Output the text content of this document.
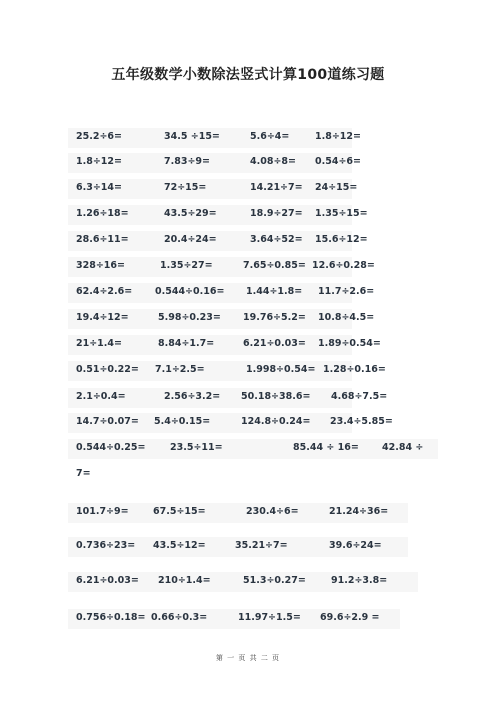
五年级数学小数除法竖式计算100道练习题
25.2÷6=	34.5 ÷15=	5.6÷4=	1.8÷12=
1.8÷12=	7.83÷9=	4.08÷8= 0.54÷6=
6.3÷14=	72÷15=	14.21÷7= 24÷15=
1.26÷18=	43.5÷29=	18.9÷27= 1.35÷15=
28.6÷11=	20.4÷24=	3.64÷52= 15.6÷12=
328÷16=	1.35÷27=	7.65÷0.85= 12.6÷0.28=
62.4÷2.6= 0.544÷0.16= 1.44÷1.8= 11.7÷2.6=
19.4÷12=	5.98÷0.23= 19.76÷5.2= 10.8÷4.5=
21÷1.4=	8.84÷1.7=	6.21÷0.03= 1.89÷0.54=
0.51÷0.22= 7.1÷2.5=	1.998÷0.54= 1.28÷0.16=
2.1÷0.4=	2.56÷3.2= 50.18÷38.6= 4.68÷7.5=
14.7÷0.07= 5.4÷0.15=	124.8÷0.24= 23.4÷5.85=
0.544÷0.25=	23.5÷11=	85.44 ÷ 16= 42.84 ÷
7=
101.7÷9=	67.5÷15=	230.4÷6=	21.24÷36=
0.736÷23= 43.5÷12=	35.21÷7=	39.6÷24=
6.21÷0.03= 210÷1.4=	51.3÷0.27=	91.2÷3.8=
0.756÷0.18= 0.66÷0.3=	11.97÷1.5= 69.6÷2.9 =
第 一 页 共 二 页
